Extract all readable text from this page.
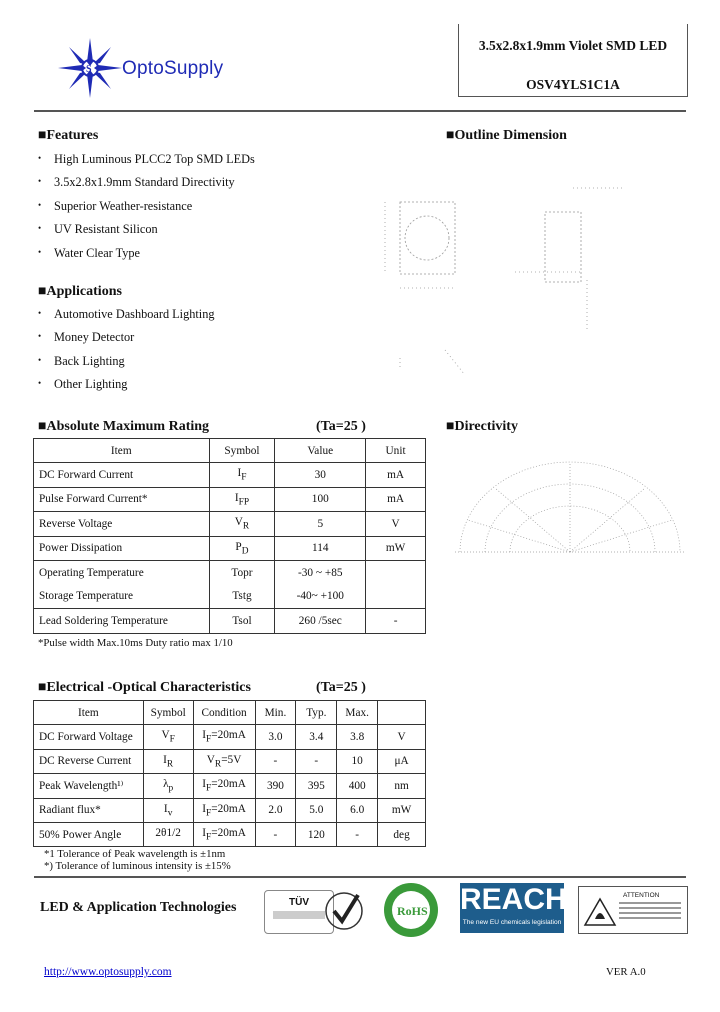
S OptoSupply
3.5x2.8x1.9mm Violet SMD LED
OSV4YLS1C1A
■Features
• High Luminous PLCC2 Top SMD LEDs
• 3.5x2.8x1.9mm Standard Directivity
• Superior Weather-resistance
• UV Resistant Silicon
• Water Clear Type
■Applications
• Automotive Dashboard Lighting
• Money Detector
• Back Lighting
• Other Lighting
■Outline Dimension
■Absolute Maximum Rating	(Ta=25 )
Item	Symbol	Value	Unit
DC Forward Current	$I_F$	30	mA
Pulse Forward Current*	$I_{FP}$	100	mA
Reverse Voltage	$V_R$	5	V
Power Dissipation	$P_D$	114	mW
Operating Temperature	Topr	-30 ~ +85	
Storage Temperature	Tstg	-40~ +100	
Lead Soldering Temperature	Tsol	260 /5sec	-
*Pulse width Max.10ms Duty ratio max 1/10
■Directivity
■Electrical -Optical Characteristics	(Ta=25 )
Item	Symbol	Condition	Min.	Typ.	Max.	
DC Forward Voltage	$V_F$	$I_F=20mA$	3.0	3.4	3.8	V
DC Reverse Current	$I_R$	$V_R=5V$	-	-	10	μA
Peak Wavelength¹⁾	$\lambda_p$	$I_F=20mA$	390	395	400	nm
Radiant flux*	$I_v$	$I_F=20mA$	2.0	5.0	6.0	mW
50% Power Angle	2θ1/2	$I_F=20mA$	-	120	-	deg
*1 Tolerance of Peak wavelength is ±1nm
*) Tolerance of luminous intensity is ±15%
LED & Application Technologies	TÜV
RoHS REACH
The new EU chemicals legislation
ATTENTION
http://www.optosupply.com	VER A.0
